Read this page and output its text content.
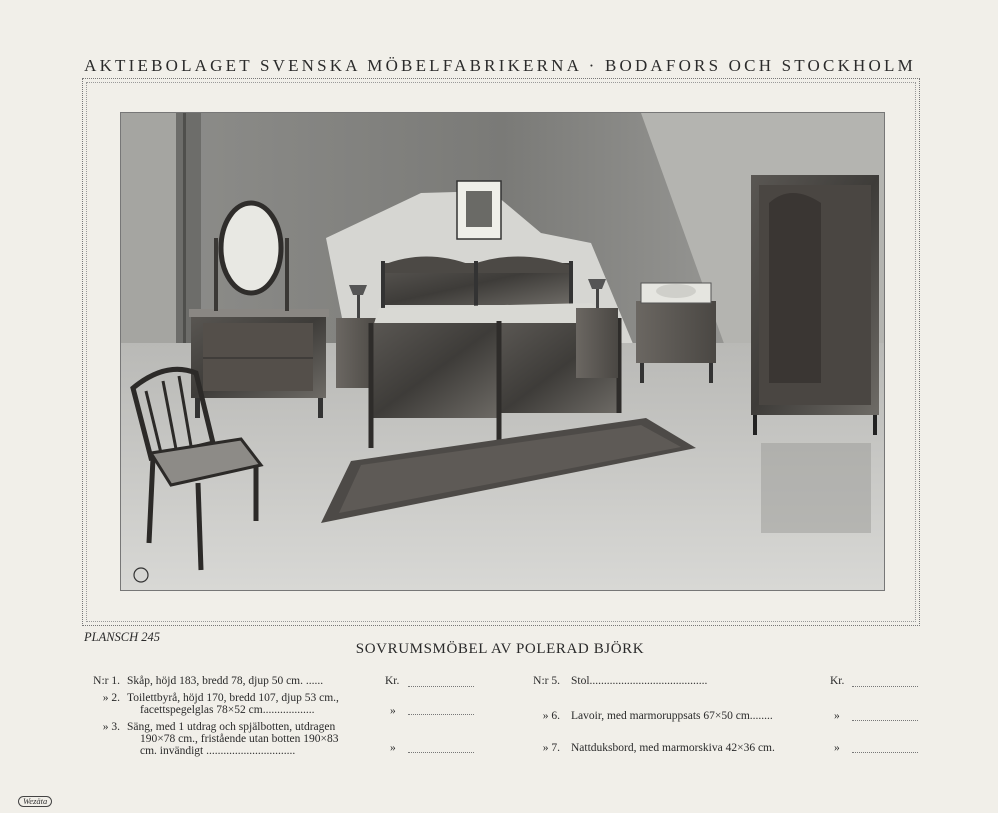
AKTIEBOLAGET SVENSKA MÖBELFABRIKERNA · BODAFORS OCH STOCKHOLM
PLANSCH 245
SOVRUMSMÖBEL AV POLERAD BJÖRK
N:r 1. Skåp, höjd 183, bredd 78, djup 50 cm. ......	Kr.
» 2. Toilettbyrå, höjd 170, bredd 107, djup 53 cm.,
facettspegelglas 78×52 cm..................	»
» 3. Säng, med 1 utdrag och spjälbotten, utdragen
190×78 cm., fristående utan botten 190×83
cm. invändigt ...............................	»
N:r 5. Stol.........................................	Kr.
» 6. Lavoir, med marmoruppsats 67×50 cm........	»
» 7. Nattduksbord, med marmorskiva 42×36 cm.	»
Wezäta
